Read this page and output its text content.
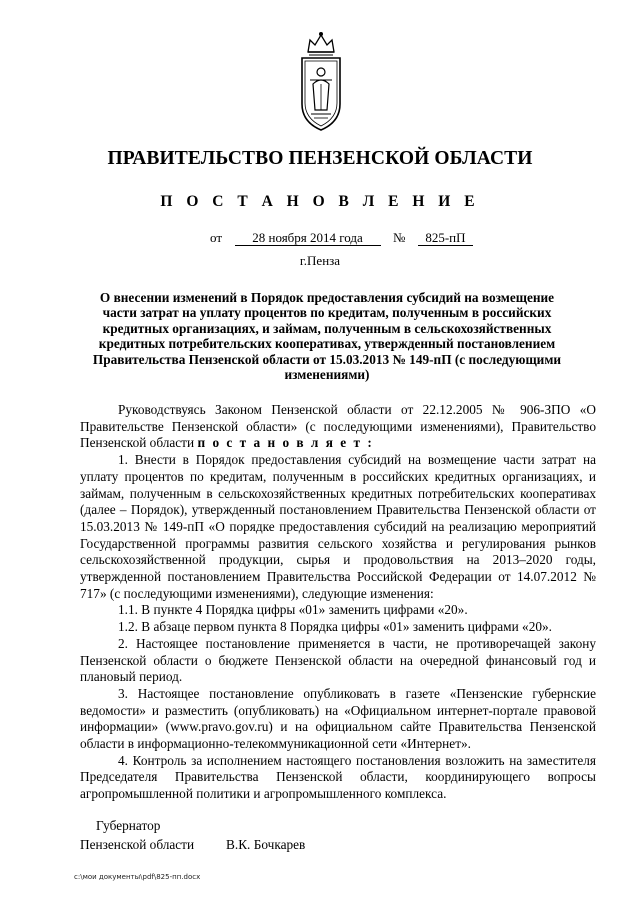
ПРАВИТЕЛЬСТВО ПЕНЗЕНСКОЙ ОБЛАСТИ
П О С Т А Н О В Л Е Н И Е
от 28 ноября 2014 года № 825-пП
г.Пенза
О внесении изменений в Порядок предоставления субсидий на возмещение части затрат на уплату процентов по кредитам, полученным в российских кредитных организациях, и займам, полученным в сельскохозяйственных кредитных потребительских кооперативах, утвержденный постановлением Правительства Пензенской области от 15.03.2013 № 149-пП (с последующими изменениями)

Руководствуясь Законом Пензенской области от 22.12.2005 № 906-ЗПО «О Правительстве Пензенской области» (с последующими изменениями), Правительство Пензенской области п о с т а н о в л я е т :

1. Внести в Порядок предоставления субсидий на возмещение части затрат на уплату процентов по кредитам, полученным в российских кредитных организациях, и займам, полученным в сельскохозяйственных кредитных потребительских кооперативах (далее – Порядок), утвержденный постановлением Правительства Пензенской области от 15.03.2013 № 149-пП «О порядке предоставления субсидий на реализацию мероприятий Государственной программы развития сельского хозяйства и регулирования рынков сельскохозяйственной продукции, сырья и продовольствия на 2013–2020 годы, утвержденной постановлением Правительства Российской Федерации от 14.07.2012 № 717» (с последующими изменениями), следующие изменения:

1.1. В пункте 4 Порядка цифры «01» заменить цифрами «20».

1.2. В абзаце первом пункта 8 Порядка цифры «01» заменить цифрами «20».

2. Настоящее постановление применяется в части, не противоречащей закону Пензенской области о бюджете Пензенской области на очередной финансовый год и плановый период.

3. Настоящее постановление опубликовать в газете «Пензенские губернские ведомости» и разместить (опубликовать) на «Официальном интернет-портале правовой информации» (www.pravo.gov.ru) и на официальном сайте Правительства Пензенской области в информационно-телекоммуникационной сети «Интернет».

4. Контроль за исполнением настоящего постановления возложить на заместителя Председателя Правительства Пензенской области, координирующего вопросы агропромышленной политики и агропромышленного комплекса.

Губернатор
Пензенской области В.К. Бочкарев
c:\мои документы\pdf\825-пп.docx
